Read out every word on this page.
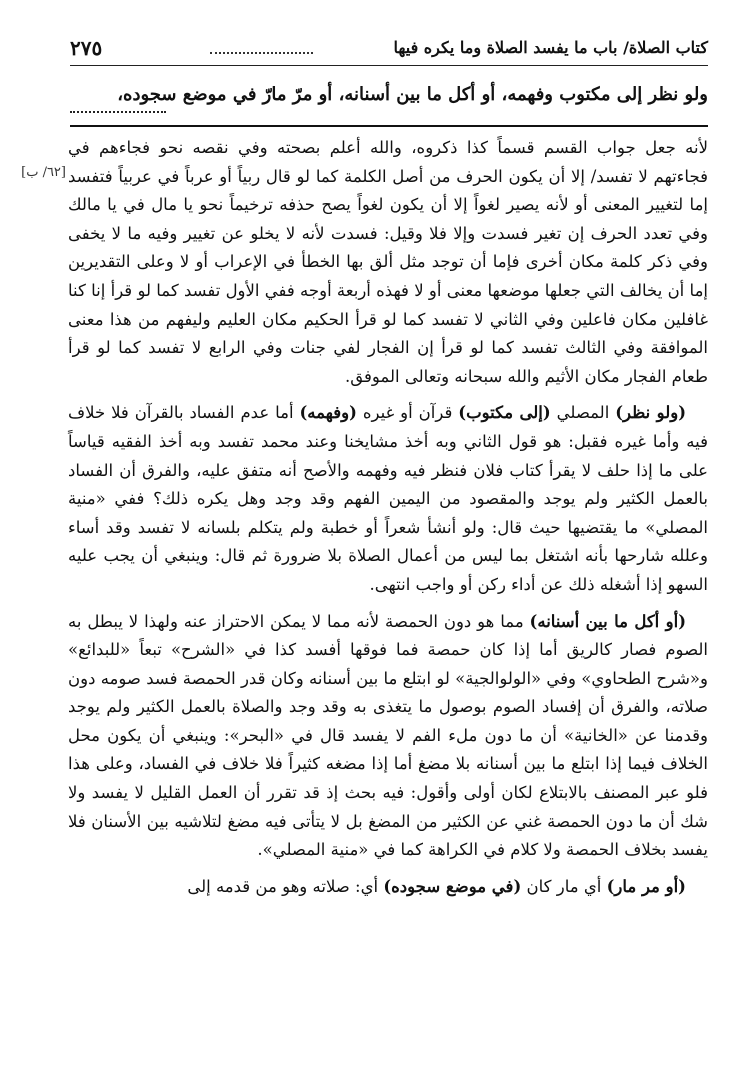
كتاب الصلاة/ باب ما يفسد الصلاة وما يكره فيها
٢٧٥
ولو نظر إلى مكتوب وفهمه، أو أكل ما بين أسنانه، أو مرّ مارّ في موضع سجوده،
[٦٢/ ب]

لأنه جعل جواب القسم قسماً كذا ذكروه، والله أعلم بصحته وفي نقصه نحو فجاءهم في فجاءتهم لا تفسد/ إلا أن يكون الحرف من أصل الكلمة كما لو قال ربياً أو عرباً في عربياً فتفسد إما لتغيير المعنى أو لأنه يصير لغواً إلا أن يكون لغواً يصح حذفه ترخيماً نحو يا مال في يا مالك وفي تعدد الحرف إن تغير فسدت وإلا فلا وقيل: فسدت لأنه لا يخلو عن تغيير وفيه ما لا يخفى وفي ذكر كلمة مكان أخرى فإما أن توجد مثل ألق بها الخطأ في الإعراب أو لا وعلى التقديرين إما أن يخالف التي جعلها موضعها معنى أو لا فهذه أربعة أوجه ففي الأول تفسد كما لو قرأ إنا كنا غافلين مكان فاعلين وفي الثاني لا تفسد كما لو قرأ الحكيم مكان العليم وليفهم من هذا معنى الموافقة وفي الثالث تفسد كما لو قرأ إن الفجار لفي جنات وفي الرابع لا تفسد كما لو قرأ طعام الفجار مكان الأثيم والله سبحانه وتعالى الموفق.

(ولو نظر) المصلي (إلى مكتوب) قرآن أو غيره (وفهمه) أما عدم الفساد بالقرآن فلا خلاف فيه وأما غيره فقبل: هو قول الثاني وبه أخذ مشايخنا وعند محمد تفسد وبه أخذ الفقيه قياساً على ما إذا حلف لا يقرأ كتاب فلان فنظر فيه وفهمه والأصح أنه متفق عليه، والفرق أن الفساد بالعمل الكثير ولم يوجد والمقصود من اليمين الفهم وقد وجد وهل يكره ذلك؟ ففي «منية المصلي» ما يقتضيها حيث قال: ولو أنشأ شعراً أو خطبة ولم يتكلم بلسانه لا تفسد وقد أساء وعلله شارحها بأنه اشتغل بما ليس من أعمال الصلاة بلا ضرورة ثم قال: وينبغي أن يجب عليه السهو إذا أشغله ذلك عن أداء ركن أو واجب انتهى.

(أو أكل ما بين أسنانه) مما هو دون الحمصة لأنه مما لا يمكن الاحتراز عنه ولهذا لا يبطل به الصوم فصار كالريق أما إذا كان حمصة فما فوقها أفسد كذا في «الشرح» تبعاً «للبدائع» و«شرح الطحاوي» وفي «الولوالجية» لو ابتلع ما بين أسنانه وكان قدر الحمصة فسد صومه دون صلاته، والفرق أن إفساد الصوم بوصول ما يتغذى به وقد وجد والصلاة بالعمل الكثير ولم يوجد وقدمنا عن «الخانية» أن ما دون ملء الفم لا يفسد قال في «البحر»: وينبغي أن يكون محل الخلاف فيما إذا ابتلع ما بين أسنانه بلا مضغ أما إذا مضغه كثيراً فلا خلاف في الفساد، وعلى هذا فلو عبر المصنف بالابتلاع لكان أولى وأقول: فيه بحث إذ قد تقرر أن العمل القليل لا يفسد ولا شك أن ما دون الحمصة غني عن الكثير من المضغ بل لا يتأتى فيه مضغ لتلاشيه بين الأسنان فلا يفسد بخلاف الحمصة ولا كلام في الكراهة كما في «منية المصلي».

(أو مر مار) أي مار كان (في موضع سجوده) أي: صلاته وهو من قدمه إلى
